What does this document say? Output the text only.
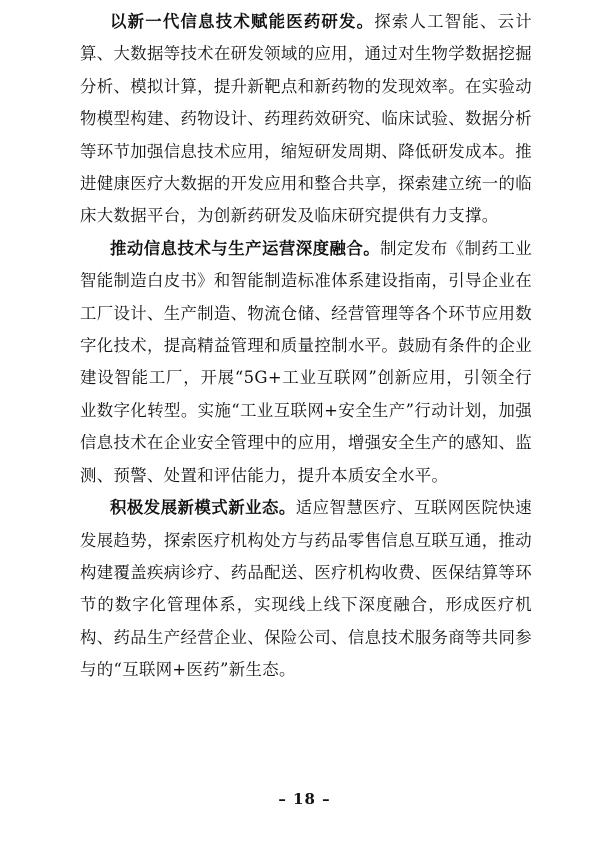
以新一代信息技术赋能医药研发。探索人工智能、云计算、大数据等技术在研发领域的应用，通过对生物学数据挖掘分析、模拟计算，提升新靶点和新药物的发现效率。在实验动物模型构建、药物设计、药理药效研究、临床试验、数据分析等环节加强信息技术应用，缩短研发周期、降低研发成本。推进健康医疗大数据的开发应用和整合共享，探索建立统一的临床大数据平台，为创新药研发及临床研究提供有力支撑。

推动信息技术与生产运营深度融合。制定发布《制药工业智能制造白皮书》和智能制造标准体系建设指南，引导企业在工厂设计、生产制造、物流仓储、经营管理等各个环节应用数字化技术，提高精益管理和质量控制水平。鼓励有条件的企业建设智能工厂，开展“5G+工业互联网”创新应用，引领全行业数字化转型。实施“工业互联网+安全生产”行动计划，加强信息技术在企业安全管理中的应用，增强安全生产的感知、监测、预警、处置和评估能力，提升本质安全水平。

积极发展新模式新业态。适应智慧医疗、互联网医院快速发展趋势，探索医疗机构处方与药品零售信息互联互通，推动构建覆盖疾病诊疗、药品配送、医疗机构收费、医保结算等环节的数字化管理体系，实现线上线下深度融合，形成医疗机构、药品生产经营企业、保险公司、信息技术服务商等共同参与的“互联网+医药”新生态。

– 18 –
